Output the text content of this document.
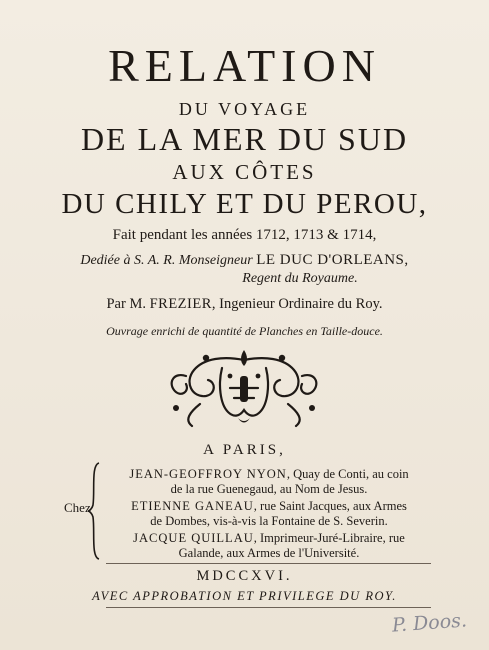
RELATION
DU VOYAGE
DE LA MER DU SUD
AUX CÔTES
DU CHILY ET DU PEROU,
Fait pendant les années 1712, 1713 & 1714,
Dediée à S. A. R. Monseigneur LE DUC D'ORLEANS,
Regent du Royaume.
Par M. FREZIER, Ingenieur Ordinaire du Roy.
Ouvrage enrichi de quantité de Planches en Taille-douce.
A PARIS,
Chez
JEAN-GEOFFROY NYON, Quay de Conti, au coin
de la rue Guenegaud, au Nom de Jesus.
ETIENNE GANEAU, rue Saint Jacques, aux Armes
de Dombes, vis-à-vis la Fontaine de S. Severin.
JACQUE QUILLAU, Imprimeur-Juré-Libraire, rue
Galande, aux Armes de l'Université.
MDCCXVI.
AVEC APPROBATION ET PRIVILEGE DU ROY.
P. Doos.
